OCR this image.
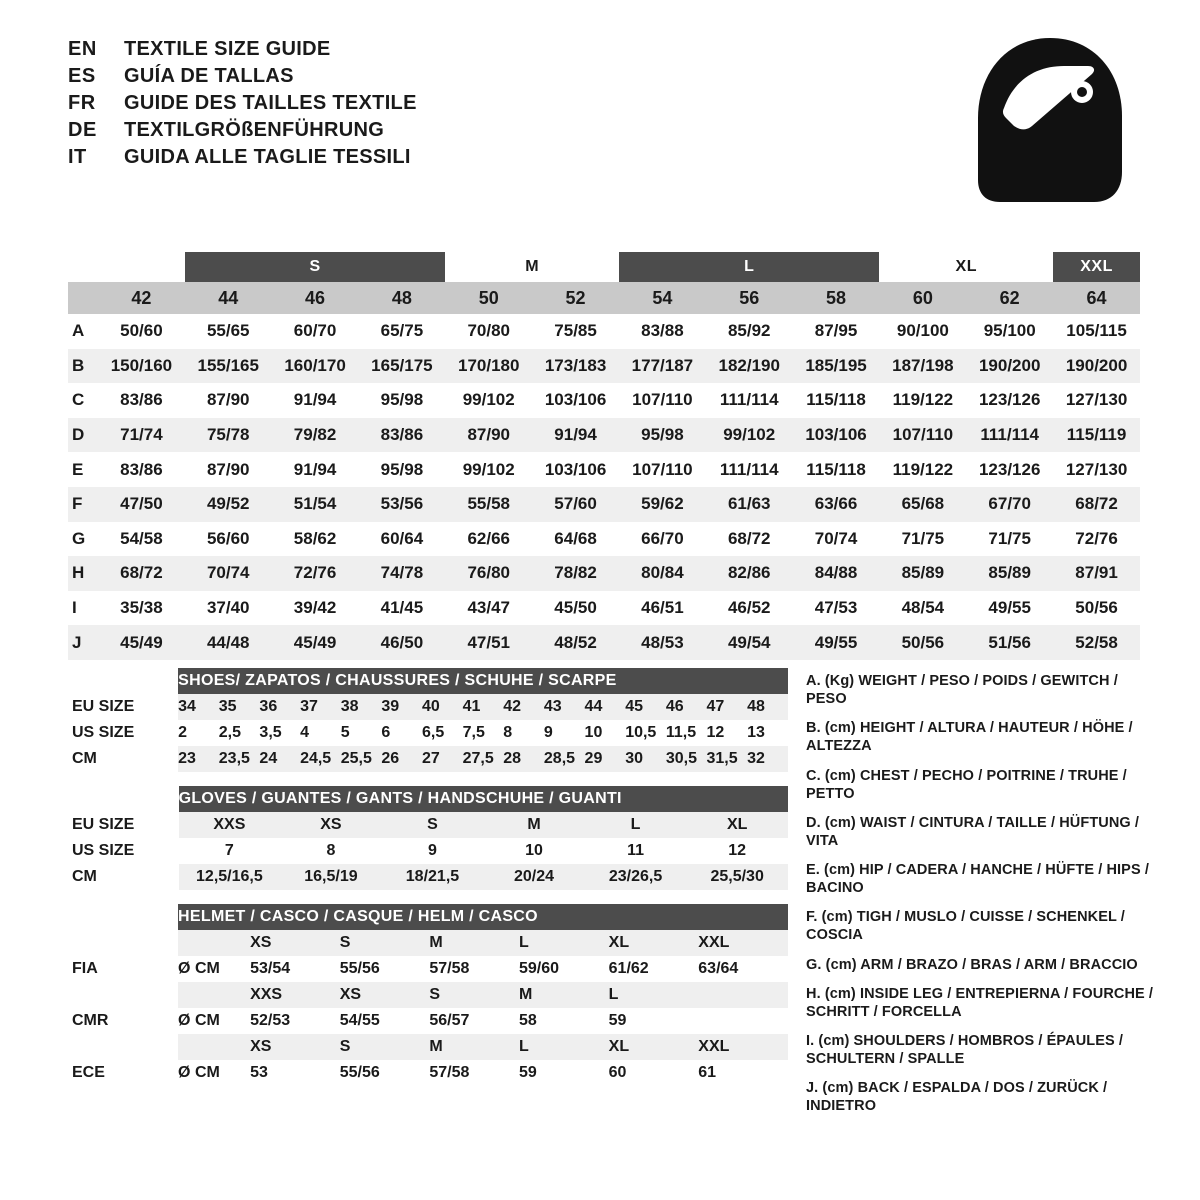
EN	TEXTILE SIZE GUIDE
ES	GUÍA DE TALLAS
FR	GUIDE DES TAILLES TEXTILE
DE	TEXTILGRÖßENFÜHRUNG
IT	GUIDA ALLE TAGLIE TESSILI
		S			M		L			XL		XXL
	42	44	46	48	50	52	54	56	58	60	62	64
A	50/60	55/65	60/70	65/75	70/80	75/85	83/88	85/92	87/95	90/100	95/100	105/115
B	150/160	155/165	160/170	165/175	170/180	173/183	177/187	182/190	185/195	187/198	190/200	190/200
C	83/86	87/90	91/94	95/98	99/102	103/106	107/110	111/114	115/118	119/122	123/126	127/130
D	71/74	75/78	79/82	83/86	87/90	91/94	95/98	99/102	103/106	107/110	111/114	115/119
E	83/86	87/90	91/94	95/98	99/102	103/106	107/110	111/114	115/118	119/122	123/126	127/130
F	47/50	49/52	51/54	53/56	55/58	57/60	59/62	61/63	63/66	65/68	67/70	68/72
G	54/58	56/60	58/62	60/64	62/66	64/68	66/70	68/72	70/74	71/75	71/75	72/76
H	68/72	70/74	72/76	74/78	76/80	78/82	80/84	82/86	84/88	85/89	85/89	87/91
I	35/38	37/40	39/42	41/45	43/47	45/50	46/51	46/52	47/53	48/54	49/55	50/56
J	45/49	44/48	45/49	46/50	47/51	48/52	48/53	49/54	49/55	50/56	51/56	52/58
	SHOES/ ZAPATOS / CHAUSSURES / SCHUHE / SCARPE														
EU SIZE	34	35	36	37	38	39	40	41	42	43	44	45	46	47	48
US SIZE	2	2,5	3,5	4	5	6	6,5	7,5	8	9	10	10,5	11,5	12	13
CM	23	23,5	24	24,5	25,5	26	27	27,5	28	28,5	29	30	30,5	31,5	32
	GLOVES / GUANTES / GANTS / HANDSCHUHE / GUANTI					
EU SIZE	XXS	XS	S	M	L	XL
US SIZE	7	8	9	10	11	12
CM	12,5/16,5	16,5/19	18/21,5	20/24	23/26,5	25,5/30
	HELMET / CASCO / CASQUE / HELM / CASCO						
		XS	S	M	L	XL	XXL
FIA	Ø CM	53/54	55/56	57/58	59/60	61/62	63/64
		XXS	XS	S	M	L	
CMR	Ø CM	52/53	54/55	56/57	58	59	
		XS	S	M	L	XL	XXL
ECE	Ø CM	53	55/56	57/58	59	60	61

A. (Kg) WEIGHT / PESO / POIDS / GEWITCH / PESO

B. (cm) HEIGHT / ALTURA / HAUTEUR / HÖHE / ALTEZZA

C. (cm) CHEST / PECHO / POITRINE / TRUHE / PETTO

D. (cm) WAIST / CINTURA / TAILLE / HÜFTUNG / VITA

E. (cm) HIP / CADERA / HANCHE / HÜFTE / HIPS / BACINO

F. (cm) TIGH / MUSLO / CUISSE / SCHENKEL / COSCIA

G. (cm) ARM / BRAZO / BRAS / ARM / BRACCIO

H. (cm) INSIDE LEG / ENTREPIERNA / FOURCHE / SCHRITT / FORCELLA

I. (cm) SHOULDERS / HOMBROS / ÉPAULES / SCHULTERN / SPALLE

J. (cm) BACK / ESPALDA / DOS / ZURÜCK / INDIETRO
